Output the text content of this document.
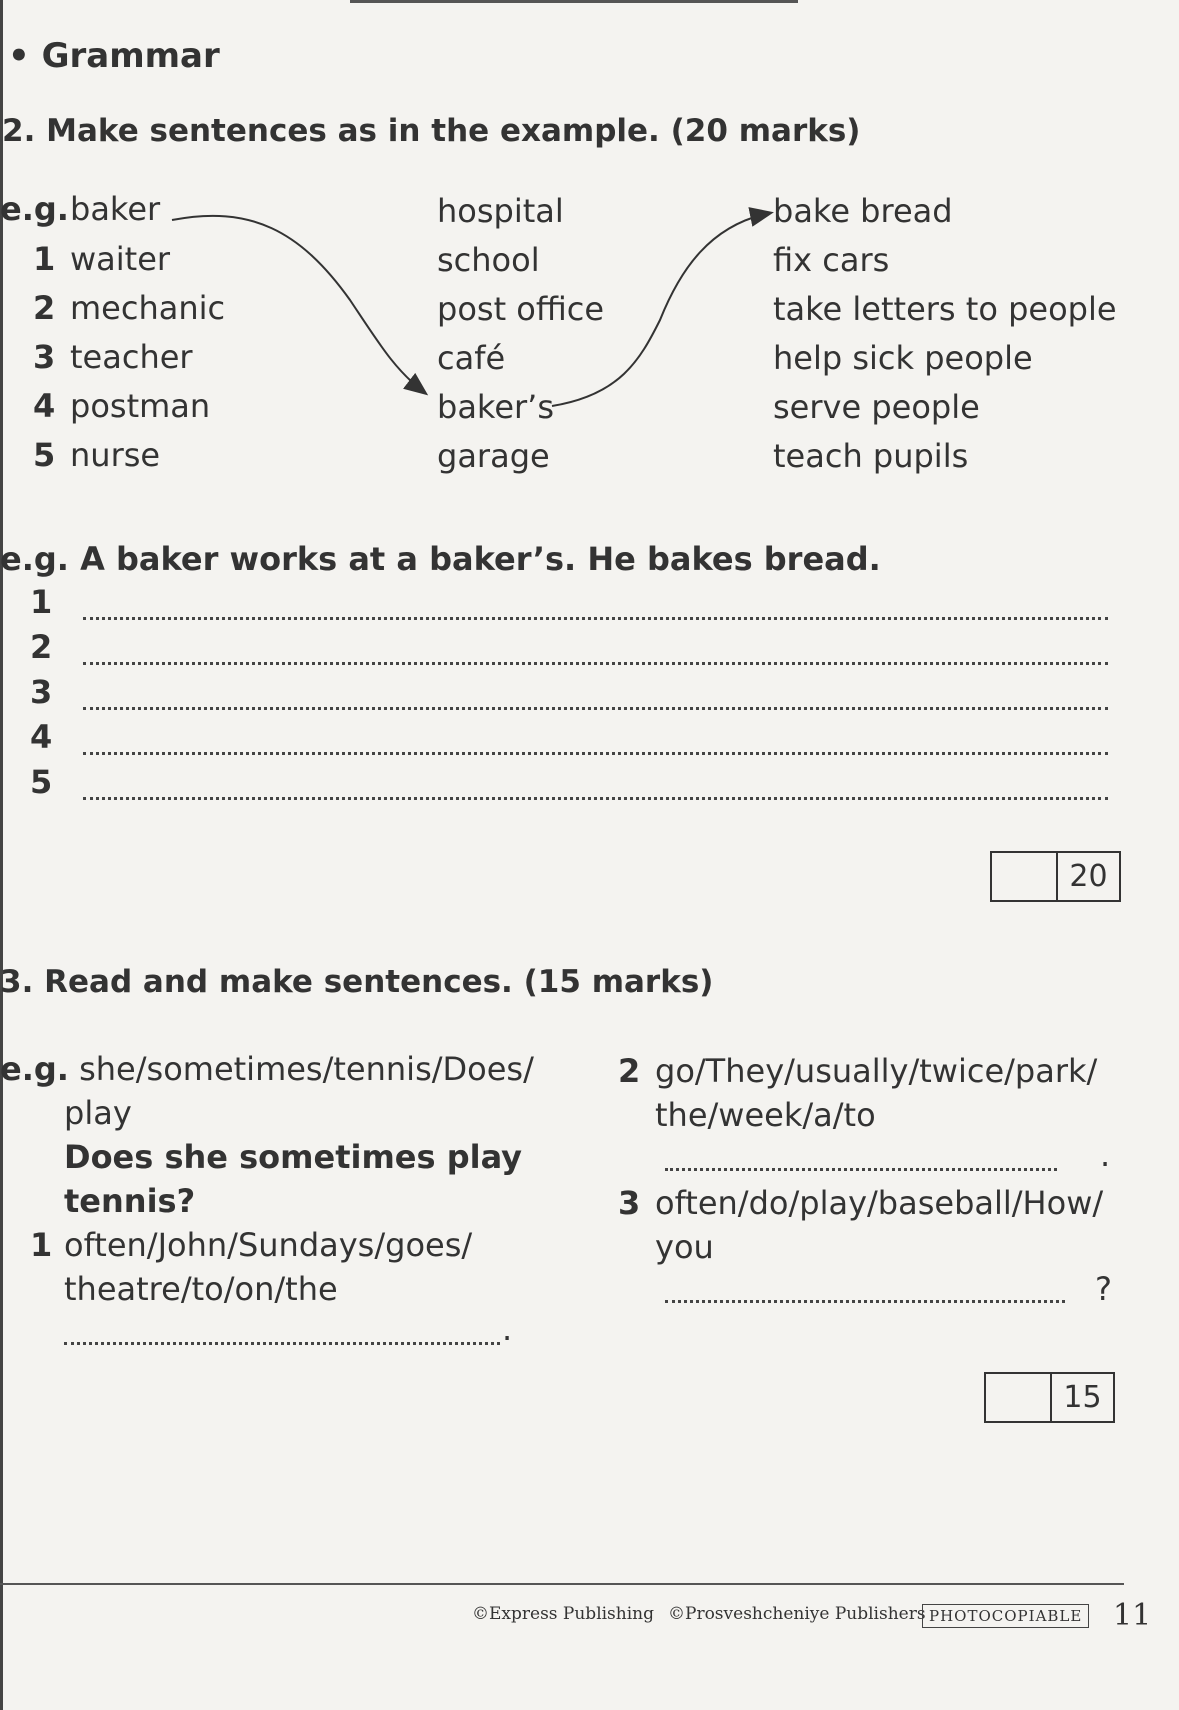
• Grammar
2. Make sentences as in the example. (20 marks)
e.g. baker
1 waiter
2 mechanic
3 teacher
4 postman
5 nurse
hospital
school
post office
café
baker’s
garage
bake bread
fix cars
take letters to people
help sick people
serve people
teach pupils
e.g. A baker works at a baker’s. He bakes bread.
1
2
3
4
5
20
3. Read and make sentences. (15 marks)
e.g. she/sometimes/tennis/Does/
play
Does she sometimes play
tennis?
1 often/John/Sundays/goes/
theatre/to/on/the
.
2 go/They/usually/twice/park/
the/week/a/to
.
3 often/do/play/baseball/How/
you
?
15
©Express Publishing ©Prosveshcheniye Publishers PHOTOCOPIABLE 11
